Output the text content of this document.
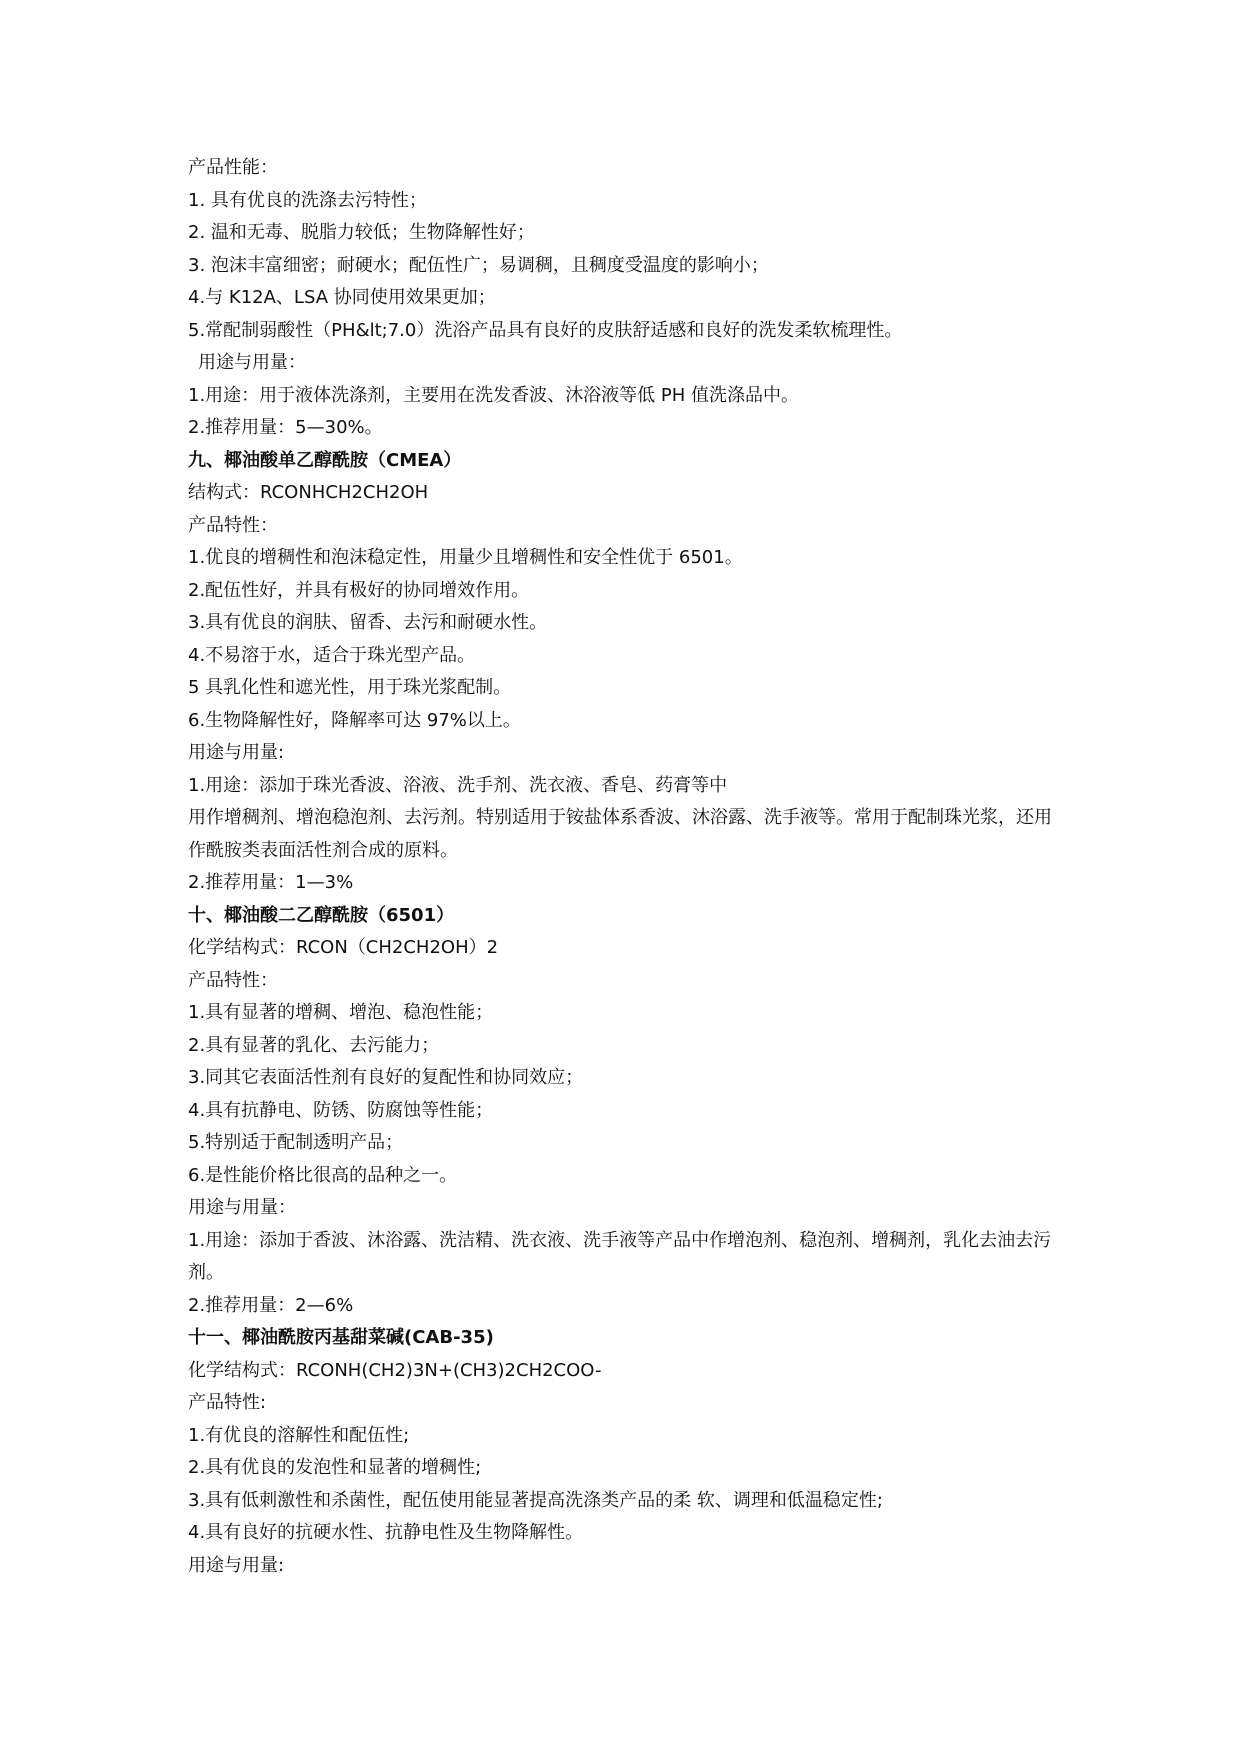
产品性能：

1. 具有优良的洗涤去污特性；

2. 温和无毒、脱脂力较低；生物降解性好；

3. 泡沫丰富细密；耐硬水；配伍性广；易调稠，且稠度受温度的影响小；

4.与 K12A、LSA 协同使用效果更加；

5.常配制弱酸性（PH&lt;7.0）洗浴产品具有良好的皮肤舒适感和良好的洗发柔软梳理性。

用途与用量：

1.用途：用于液体洗涤剂，主要用在洗发香波、沐浴液等低 PH 值洗涤品中。

2.推荐用量：5—30%。

九、椰油酸单乙醇酰胺（CMEA）

结构式：RCONHCH2CH2OH

产品特性：

1.优良的增稠性和泡沫稳定性，用量少且增稠性和安全性优于 6501。

2.配伍性好，并具有极好的协同增效作用。

3.具有优良的润肤、留香、去污和耐硬水性。

4.不易溶于水，适合于珠光型产品。

5 具乳化性和遮光性，用于珠光浆配制。

6.生物降解性好，降解率可达 97%以上。

用途与用量:

1.用途：添加于珠光香波、浴液、洗手剂、洗衣液、香皂、药膏等中

用作增稠剂、增泡稳泡剂、去污剂。特别适用于铵盐体系香波、沐浴露、洗手液等。常用于配制珠光浆，还用作酰胺类表面活性剂合成的原料。

2.推荐用量：1—3%

十、椰油酸二乙醇酰胺（6501）

化学结构式：RCON（CH2CH2OH）2

产品特性：

1.具有显著的增稠、增泡、稳泡性能；

2.具有显著的乳化、去污能力；

3.同其它表面活性剂有良好的复配性和协同效应；

4.具有抗静电、防锈、防腐蚀等性能；

5.特别适于配制透明产品；

6.是性能价格比很高的品种之一。

用途与用量：

1.用途：添加于香波、沐浴露、洗洁精、洗衣液、洗手液等产品中作增泡剂、稳泡剂、增稠剂，乳化去油去污剂。

2.推荐用量：2—6%

十一、椰油酰胺丙基甜菜碱(CAB-35)

化学结构式：RCONH(CH2)3N+(CH3)2CH2COO-

产品特性:

1.有优良的溶解性和配伍性;

2.具有优良的发泡性和显著的增稠性;

3.具有低刺激性和杀菌性，配伍使用能显著提高洗涤类产品的柔 软、调理和低温稳定性;

4.具有良好的抗硬水性、抗静电性及生物降解性。

用途与用量:
